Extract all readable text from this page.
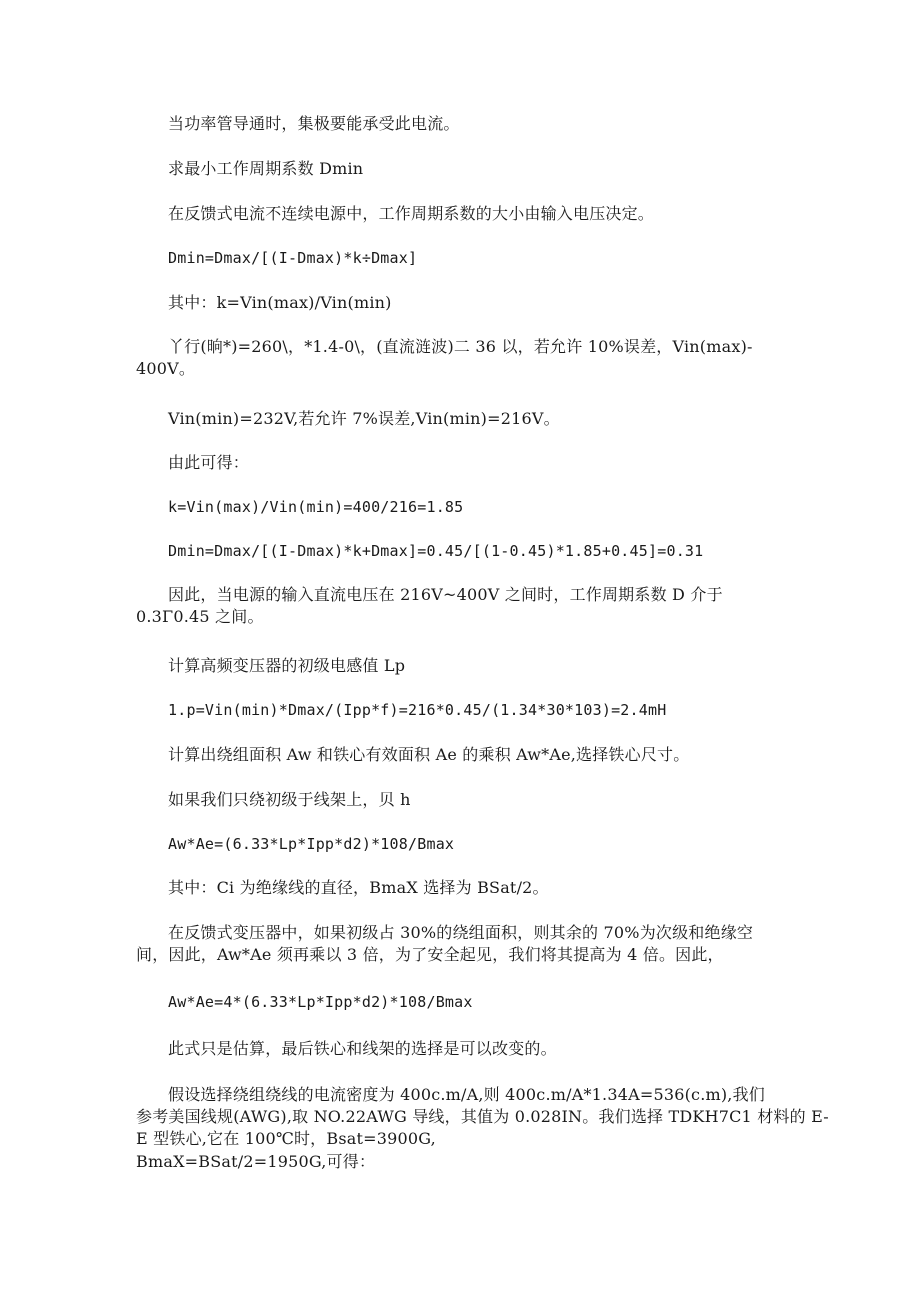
当功率管导通时，集极要能承受此电流。

求最小工作周期系数 Dmin

在反馈式电流不连续电源中，工作周期系数的大小由输入电压决定。

Dmin=Dmax/[(I-Dmax)*k÷Dmax]

其中：k=Vin(max)/Vin(min)

丫行(晌*)=260\，*1.4-0\，(直流涟波)二 36 以，若允许 10%误差，Vin(max)-
400V。

Vin(min)=232V,若允许 7%误差,Vin(min)=216V。

由此可得：

k=Vin(max)/Vin(min)=400/216=1.85

Dmin=Dmax/[(I-Dmax)*k+Dmax]=0.45/[(1-0.45)*1.85+0.45]=0.31

因此，当电源的输入直流电压在 216V~400V 之间时，工作周期系数 D 介于
0.3Γ0.45 之间。

计算高频变压器的初级电感值 Lp

1.p=Vin(min)*Dmax/(Ipp*f)=216*0.45/(1.34*30*103)=2.4mH

计算出绕组面积 Aw 和铁心有效面积 Ae 的乘积 Aw*Ae,选择铁心尺寸。

如果我们只绕初级于线架上，贝 h

Aw*Ae=(6.33*Lp*Ipp*d2)*108/Bmax

其中：Ci 为绝缘线的直径，BmaX 选择为 BSat/2。

在反馈式变压器中，如果初级占 30%的绕组面积，则其余的 70%为次级和绝缘空
间，因此，Aw*Ae 须再乘以 3 倍，为了安全起见，我们将其提高为 4 倍。因此，

Aw*Ae=4*(6.33*Lp*Ipp*d2)*108/Bmax

此式只是估算，最后铁心和线架的选择是可以改变的。

假设选择绕组绕线的电流密度为 400c.m/A,则 400c.m/A*1.34A=536(c.m),我们
参考美国线规(AWG),取 NO.22AWG 导线，其值为 0.028IN。我们选择 TDKH7C1 材料的 E-
E 型铁心,它在 100℃时，Bsat=3900G,

BmaX=BSat/2=1950G,可得：
